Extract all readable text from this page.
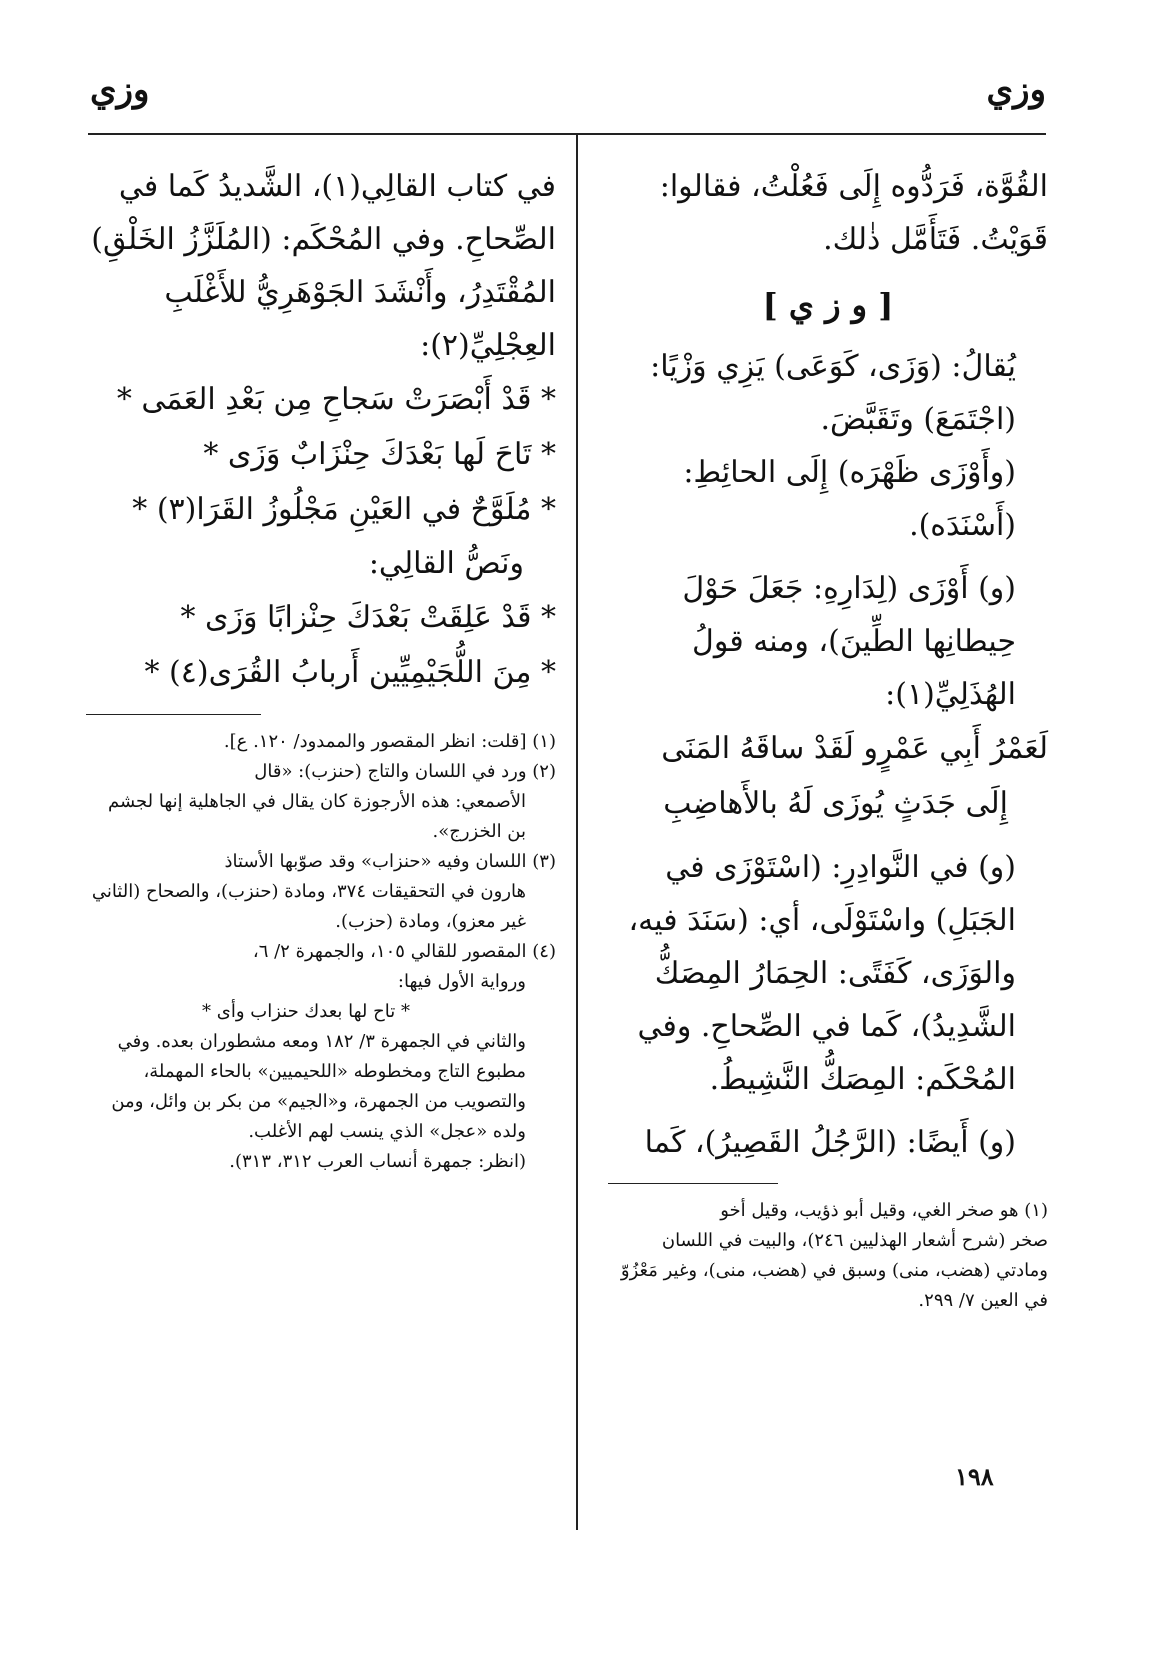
وزي
وزي

القُوَّة، فَرَدُّوه إِلَى فَعُلْتُ، فقالوا: قَوَيْتُ. فَتَأَمَّل ذٰلك.

[ و ز ي ]

يُقالُ: (وَزَى، كَوَعَى) يَزِي وَزْيًا: (اجْتَمَعَ) وتَقَبَّضَ.

(وأَوْزَى ظَهْرَه) إِلَى الحائِطِ: (أَسْنَدَه).

(و) أَوْزَى (لِدَارِهِ: جَعَلَ حَوْلَ حِيطانِها الطِّينَ)، ومنه قولُ الهُذَلِيِّ(١):

لَعَمْرُ أَبِي عَمْرٍو لَقَدْ ساقَهُ المَنَى

إِلَى جَدَثٍ يُوزَى لَهُ بالأَهاضِبِ

(و) في النَّوادِرِ: (اسْتَوْزَى في الجَبَلِ) واسْتَوْلَى، أي: (سَنَدَ فيه، والوَزَى، كَفَتًى: الحِمَارُ المِصَكُّ الشَّدِيدُ)، كَما في الصِّحاحِ. وفي المُحْكَم: المِصَكُّ النَّشِيطُ.

(و) أَيضًا: (الرَّجُلُ القَصِيرُ)، كَما

(١) هو صخر الغي، وقيل أبو ذؤيب، وقيل أخو

صخر (شرح أشعار الهذليين ٢٤٦)، والبيت في اللسان ومادتي (هضب، منى) وسبق في (هضب، منى)، وغير مَعْزُوّ في العين ٧/ ٢٩٩.

في كتاب القالِي(١)، الشَّديدُ كَما في الصِّحاحِ. وفي المُحْكَم: (المُلَزَّزُ الخَلْقِ) المُقْتَدِرُ، وأَنْشَدَ الجَوْهَرِيُّ للأَغْلَبِ العِجْلِيِّ(٢):

* قَدْ أَبْصَرَتْ سَجاحِ مِن بَعْدِ العَمَى *

* تَاحَ لَها بَعْدَكَ حِنْزَابٌ وَزَى *

* مُلَوَّحٌ في العَيْنِ مَجْلُوزُ القَرَا(٣) *

ونَصُّ القالِي:

* قَدْ عَلِقَتْ بَعْدَكَ حِنْزابًا وَزَى *

* مِنَ اللُّجَيْمِيِّين أَربابُ القُرَى(٤) *

(١) [قلت: انظر المقصور والممدود/ ١٢٠. ع].

(٢) ورد في اللسان والتاج (حنزب): «قال

الأصمعي: هذه الأرجوزة كان يقال في الجاهلية إنها لجشم بن الخزرج».

(٣) اللسان وفيه «حنزاب» وقد صوّبها الأستاذ

هارون في التحقيقات ٣٧٤، ومادة (حنزب)، والصحاح (الثاني غير معزو)، ومادة (حزب).

(٤) المقصور للقالي ١٠٥، والجمهرة ٢/ ٦،

ورواية الأول فيها:

* تاح لها بعدك حنزاب وأى *

والثاني في الجمهرة ٣/ ١٨٢ ومعه مشطوران بعده. وفي مطبوع التاج ومخطوطه «اللحيميين» بالحاء المهملة، والتصويب من الجمهرة، و«الجيم» من بكر بن وائل، ومن ولده «عجل» الذي ينسب لهم الأغلب.

(انظر: جمهرة أنساب العرب ٣١٢، ٣١٣).

١٩٨
